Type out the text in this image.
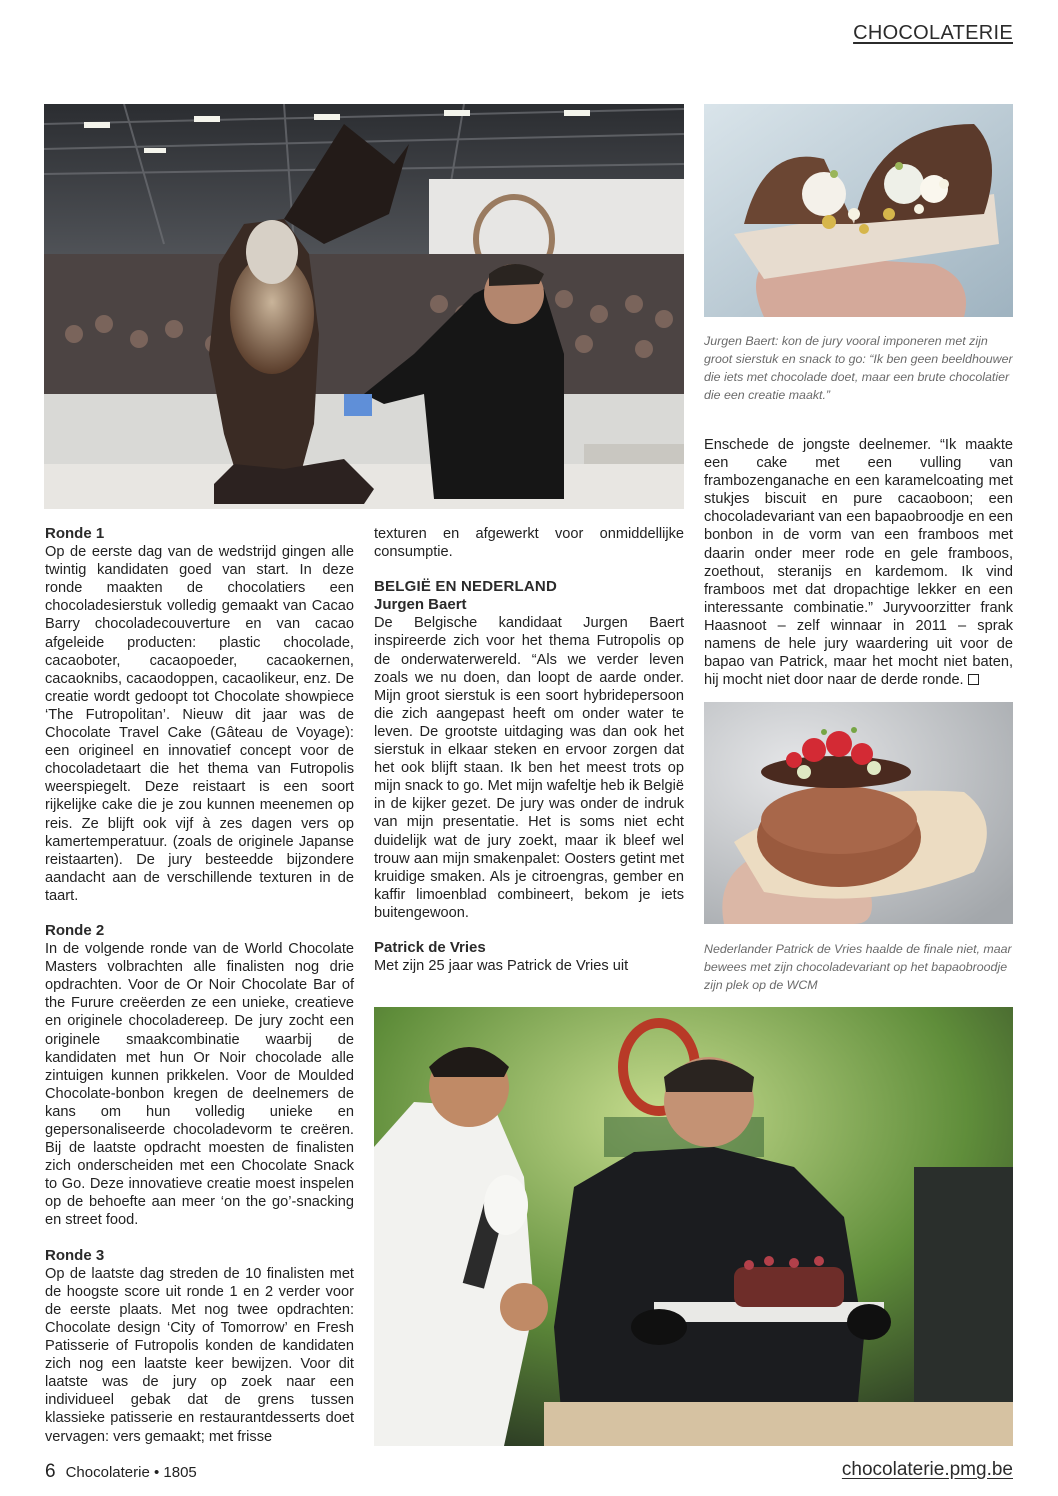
CHOCOLATERIE
Jurgen Baert: kon de jury vooral imponeren met zijn groot sierstuk en snack to go: “Ik ben geen beeldhouwer die iets met chocolade doet, maar een brute chocolatier die een creatie maakt.”

Ronde 1

Op de eerste dag van de wedstrijd gingen alle twintig kandidaten goed van start. In deze ronde maakten de chocolatiers een chocoladesierstuk volledig gemaakt van Cacao Barry chocoladecouverture en van cacao afgeleide producten: plastic chocolade, cacaoboter, cacaopoeder, cacaokernen, cacaoknibs, cacaodoppen, cacaolikeur, enz. De creatie wordt gedoopt tot Chocolate showpiece ‘The Futropolitan’. Nieuw dit jaar was de Chocolate Travel Cake (Gâteau de Voyage): een origineel en innovatief concept voor de chocoladetaart die het thema van Futropolis weerspiegelt. Deze reistaart is een soort rijkelijke cake die je zou kunnen meenemen op reis. Ze blijft ook vijf à zes dagen vers op kamertemperatuur. (zoals de originele Japanse reistaarten). De jury besteedde bijzondere aandacht aan de verschillende texturen in de taart.

Ronde 2

In de volgende ronde van de World Chocolate Masters volbrachten alle finalisten nog drie opdrachten. Voor de Or Noir Chocolate Bar of the Furure creëerden ze een unieke, creatieve en originele chocoladereep. De jury zocht een originele smaakcombinatie waarbij de kandidaten met hun Or Noir chocolade alle zintuigen kunnen prikkelen. Voor de Moulded Chocolate-bonbon kregen de deelnemers de kans om hun volledig unieke en gepersonaliseerde chocoladevorm te creëren. Bij de laatste opdracht moesten de finalisten zich onderscheiden met een Chocolate Snack to Go. Deze innovatieve creatie moest inspelen op de behoefte aan meer ‘on the go’-snacking en street food.

Ronde 3

Op de laatste dag streden de 10 finalisten met de hoogste score uit ronde 1 en 2 verder voor de eerste plaats. Met nog twee opdrachten: Chocolate design ‘City of Tomorrow’ en Fresh Patisserie of Futropolis konden de kandidaten zich nog een laatste keer bewijzen. Voor dit laatste was de jury op zoek naar een individueel gebak dat de grens tussen klassieke patisserie en restaurantdesserts doet vervagen: vers gemaakt; met frisse

texturen en afgewerkt voor onmiddellijke consumptie.

BELGIË EN NEDERLAND

Jurgen Baert

De Belgische kandidaat Jurgen Baert inspireerde zich voor het thema Futropolis op de onderwaterwereld. “Als we verder leven zoals we nu doen, dan loopt de aarde onder. Mijn groot sierstuk is een soort hybridepersoon die zich aangepast heeft om onder water te leven. De grootste uitdaging was dan ook het sierstuk in elkaar steken en ervoor zorgen dat het ook blijft staan. Ik ben het meest trots op mijn snack to go. Met mijn wafeltje heb ik België in de kijker gezet. De jury was onder de indruk van mijn presentatie. Het is soms niet echt duidelijk wat de jury zoekt, maar ik bleef wel trouw aan mijn smakenpalet: Oosters getint met kruidige smaken. Als je citroengras, gember en kaffir limoenblad combineert, bekom je iets buitengewoon.

Patrick de Vries

Met zijn 25 jaar was Patrick de Vries uit

Enschede de jongste deelnemer. “Ik maakte een cake met een vulling van frambozenganache en een karamelcoating met stukjes biscuit en pure cacaoboon; een chocoladevariant van een bapaobroodje en een bonbon in de vorm van een framboos met daarin onder meer rode en gele framboos, zoethout, steranijs en kardemom. Ik vind framboos met dat dropachtige lekker en een interessante combinatie.” Juryvoorzitter frank Haasnoot – zelf winnaar in 2011 – sprak namens de hele jury waardering uit voor de bapao van Patrick, maar het mocht niet baten, hij mocht niet door naar de derde ronde.

Nederlander Patrick de Vries haalde de finale niet, maar bewees met zijn chocoladevariant op het bapaobroodje zijn plek op de WCM
6 Chocolaterie • 1805	chocolaterie.pmg.be
